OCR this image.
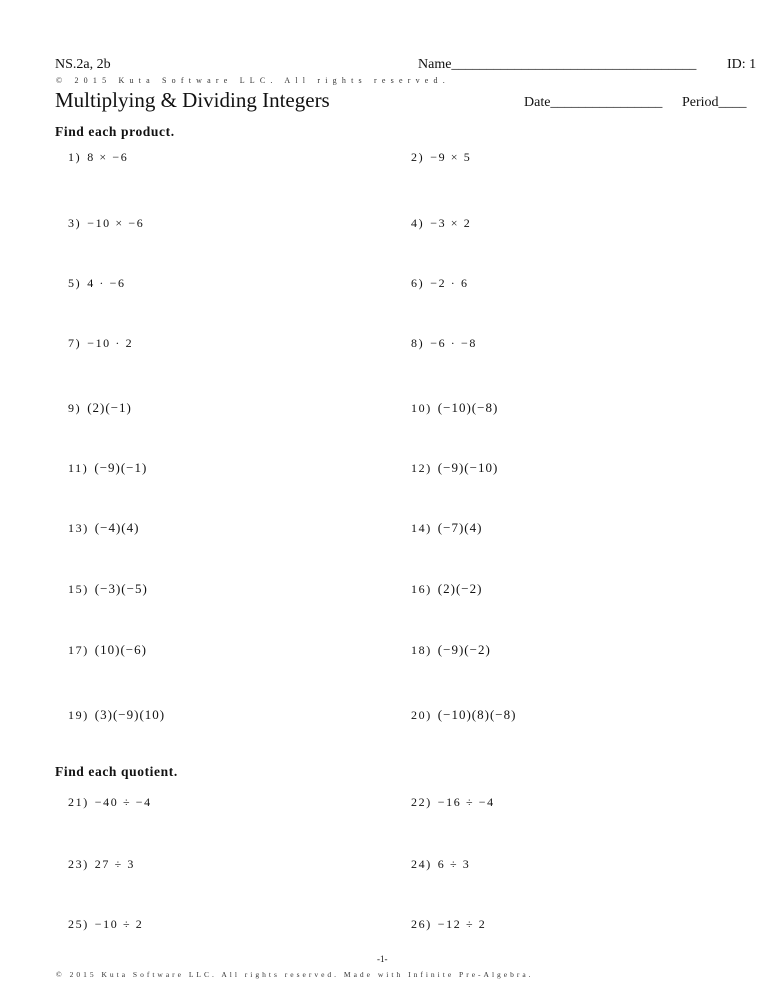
NS.2a, 2b	Name___________________________________ ID: 1
© 2015 Kuta Software LLC. All rights reserved.
Multiplying & Dividing Integers	Date________________ Period____
Find each product.
Find each quotient.
1) 8 × −6	2) −9 × 5
3) −10 × −6	4) −3 × 2
5) 4 · −6	6) −2 · 6
7) −10 · 2	8) −6 · −8
9) (2)(−1)	10) (−10)(−8)
11) (−9)(−1)	12) (−9)(−10)
13) (−4)(4)	14) (−7)(4)
15) (−3)(−5)	16) (2)(−2)
17) (10)(−6)	18) (−9)(−2)
19) (3)(−9)(10)	20) (−10)(8)(−8)
21) −40 ÷ −4	22) −16 ÷ −4
23) 27 ÷ 3	24) 6 ÷ 3
25) −10 ÷ 2	26) −12 ÷ 2
-1-
© 2015 Kuta Software LLC. All rights reserved. Made with Infinite Pre-Algebra.
